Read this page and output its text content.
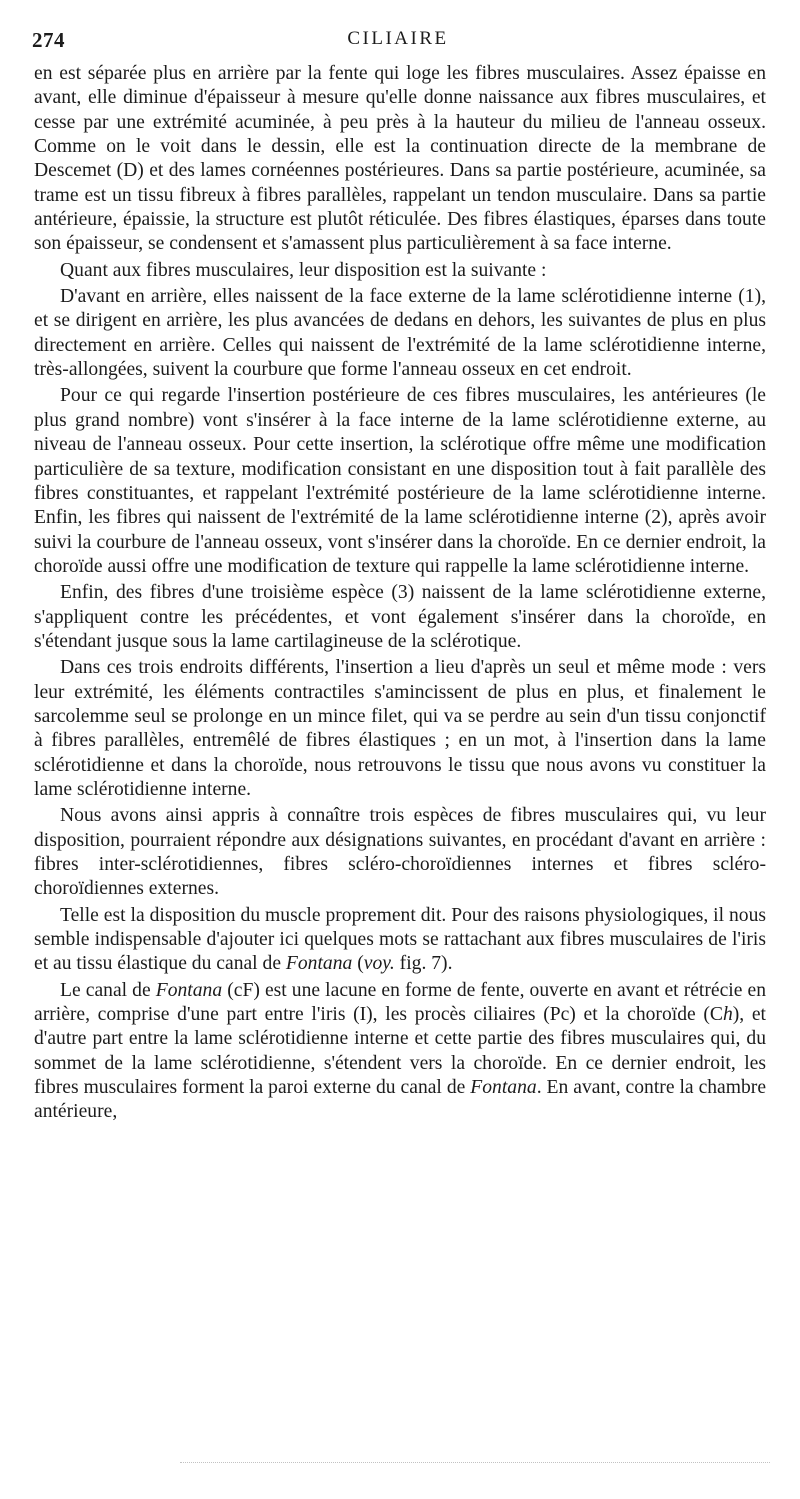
274	CILIAIRE

en est séparée plus en arrière par la fente qui loge les fibres musculaires. Assez épaisse en avant, elle diminue d'épaisseur à mesure qu'elle donne naissance aux fibres musculaires, et cesse par une extrémité acuminée, à peu près à la hauteur du milieu de l'anneau osseux. Comme on le voit dans le dessin, elle est la continuation directe de la membrane de Descemet (D) et des lames cornéennes postérieures. Dans sa partie postérieure, acuminée, sa trame est un tissu fibreux à fibres parallèles, rappelant un tendon musculaire. Dans sa partie antérieure, épaissie, la structure est plutôt réticulée. Des fibres élastiques, éparses dans toute son épaisseur, se condensent et s'amassent plus particulièrement à sa face interne.

Quant aux fibres musculaires, leur disposition est la suivante :

D'avant en arrière, elles naissent de la face externe de la lame sclérotidienne interne (1), et se dirigent en arrière, les plus avancées de dedans en dehors, les suivantes de plus en plus directement en arrière. Celles qui naissent de l'extrémité de la lame sclérotidienne interne, très-allongées, suivent la courbure que forme l'anneau osseux en cet endroit.

Pour ce qui regarde l'insertion postérieure de ces fibres musculaires, les antérieures (le plus grand nombre) vont s'insérer à la face interne de la lame sclérotidienne externe, au niveau de l'anneau osseux. Pour cette insertion, la sclérotique offre même une modification particulière de sa texture, modification consistant en une disposition tout à fait parallèle des fibres constituantes, et rappelant l'extrémité postérieure de la lame sclérotidienne interne. Enfin, les fibres qui naissent de l'extrémité de la lame sclérotidienne interne (2), après avoir suivi la courbure de l'anneau osseux, vont s'insérer dans la choroïde. En ce dernier endroit, la choroïde aussi offre une modification de texture qui rappelle la lame sclérotidienne interne.

Enfin, des fibres d'une troisième espèce (3) naissent de la lame sclérotidienne externe, s'appliquent contre les précédentes, et vont également s'insérer dans la choroïde, en s'étendant jusque sous la lame cartilagineuse de la sclérotique.

Dans ces trois endroits différents, l'insertion a lieu d'après un seul et même mode : vers leur extrémité, les éléments contractiles s'amincissent de plus en plus, et finalement le sarcolemme seul se prolonge en un mince filet, qui va se perdre au sein d'un tissu conjonctif à fibres parallèles, entremêlé de fibres élastiques ; en un mot, à l'insertion dans la lame sclérotidienne et dans la choroïde, nous retrouvons le tissu que nous avons vu constituer la lame sclérotidienne interne.

Nous avons ainsi appris à connaître trois espèces de fibres musculaires qui, vu leur disposition, pourraient répondre aux désignations suivantes, en procédant d'avant en arrière : fibres inter-sclérotidiennes, fibres scléro-choroïdiennes internes et fibres scléro-choroïdiennes externes.

Telle est la disposition du muscle proprement dit. Pour des raisons physiologiques, il nous semble indispensable d'ajouter ici quelques mots se rattachant aux fibres musculaires de l'iris et au tissu élastique du canal de Fontana (voy. fig. 7).

Le canal de Fontana (cF) est une lacune en forme de fente, ouverte en avant et rétrécie en arrière, comprise d'une part entre l'iris (I), les procès ciliaires (Pc) et la choroïde (Ch), et d'autre part entre la lame sclérotidienne interne et cette partie des fibres musculaires qui, du sommet de la lame sclérotidienne, s'étendent vers la choroïde. En ce dernier endroit, les fibres musculaires forment la paroi externe du canal de Fontana. En avant, contre la chambre antérieure,
